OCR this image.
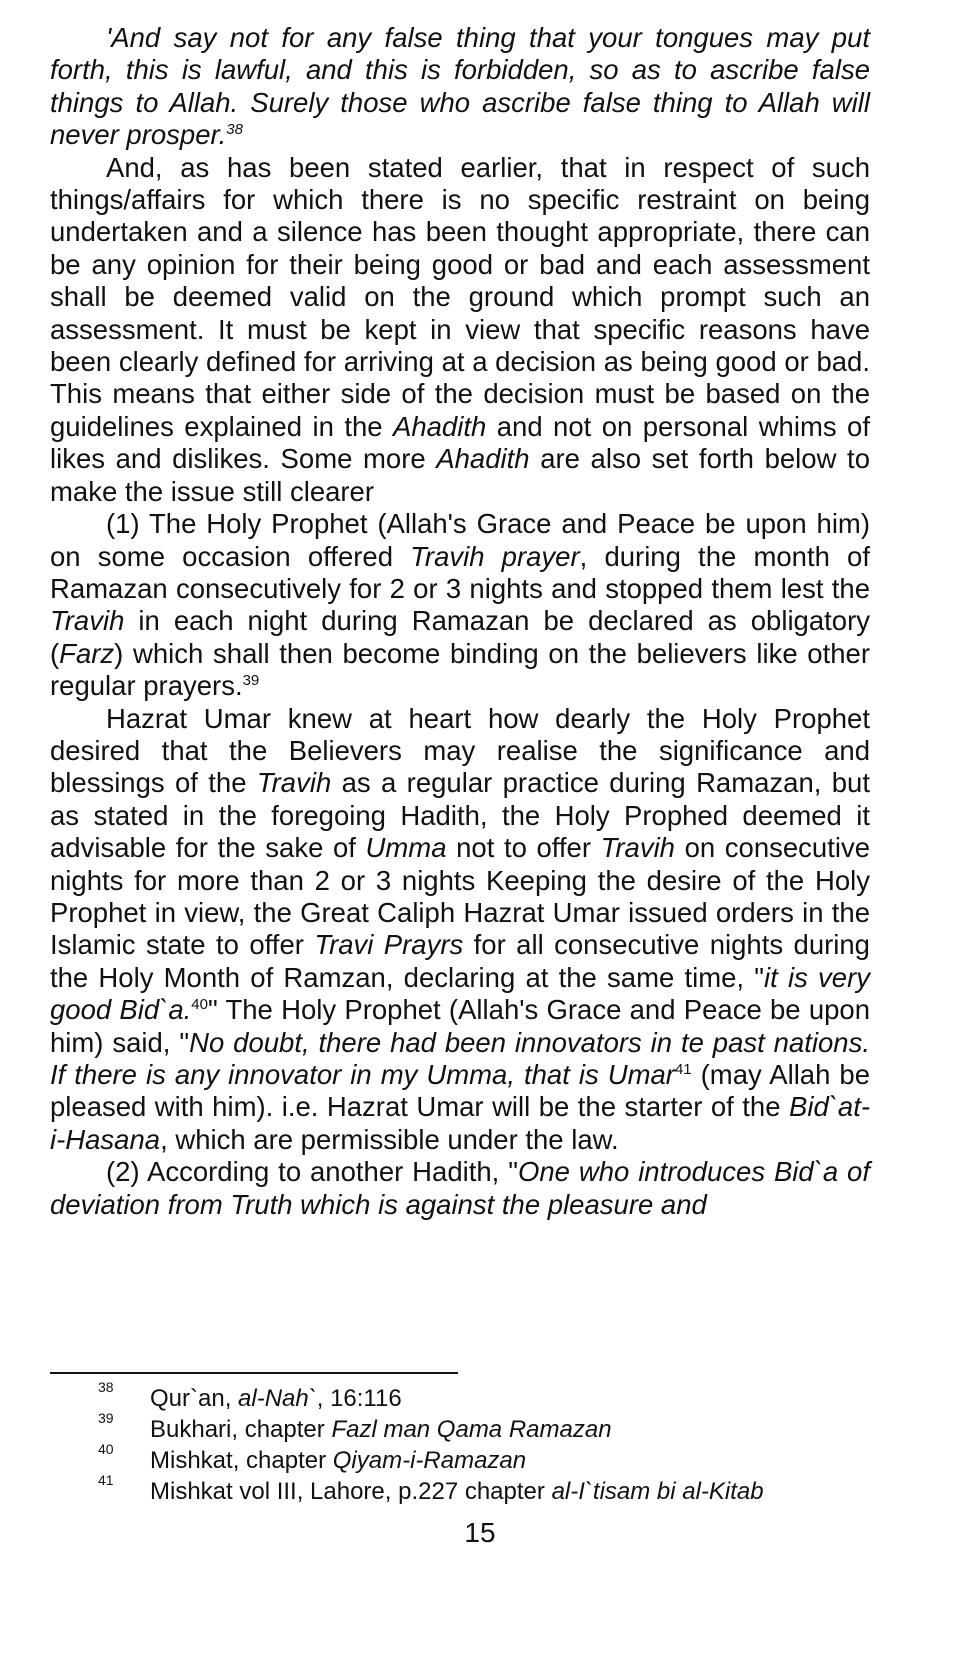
'And say not for any false thing that your tongues may put forth, this is lawful, and this is forbidden, so as to ascribe false things to Allah. Surely those who ascribe false thing to Allah will never prosper.$^{38}$

And, as has been stated earlier, that in respect of such things/affairs for which there is no specific restraint on being undertaken and a silence has been thought appropriate, there can be any opinion for their being good or bad and each assessment shall be deemed valid on the ground which prompt such an assessment. It must be kept in view that specific reasons have been clearly defined for arriving at a decision as being good or bad. This means that either side of the decision must be based on the guidelines explained in the Ahadith and not on personal whims of likes and dislikes. Some more Ahadith are also set forth below to make the issue still clearer

(1) The Holy Prophet (Allah's Grace and Peace be upon him) on some occasion offered Travih prayer, during the month of Ramazan consecutively for 2 or 3 nights and stopped them lest the Travih in each night during Ramazan be declared as obligatory (Farz) which shall then become binding on the believers like other regular prayers.$^{39}$

Hazrat Umar knew at heart how dearly the Holy Prophet desired that the Believers may realise the significance and blessings of the Travih as a regular practice during Ramazan, but as stated in the foregoing Hadith, the Holy Prophed deemed it advisable for the sake of Umma not to offer Travih on consecutive nights for more than 2 or 3 nights Keeping the desire of the Holy Prophet in view, the Great Caliph Hazrat Umar issued orders in the Islamic state to offer Travi Prayrs for all consecutive nights during the Holy Month of Ramzan, declaring at the same time, "it is very good Bid`a.$^{40}$" The Holy Prophet (Allah's Grace and Peace be upon him) said, "No doubt, there had been innovators in te past nations. If there is any innovator in my Umma, that is Umar$^{41}$ (may Allah be pleased with him). i.e. Hazrat Umar will be the starter of the Bid`at-i-Hasana, which are permissible under the law.

(2) According to another Hadith, "One who introduces Bid`a of deviation from Truth which is against the pleasure and

38 Qur`an, al-Nah`, 16:116
39 Bukhari, chapter Fazl man Qama Ramazan
40 Mishkat, chapter Qiyam-i-Ramazan
41 Mishkat vol III, Lahore, p.227 chapter al-I`tisam bi al-Kitab
15
